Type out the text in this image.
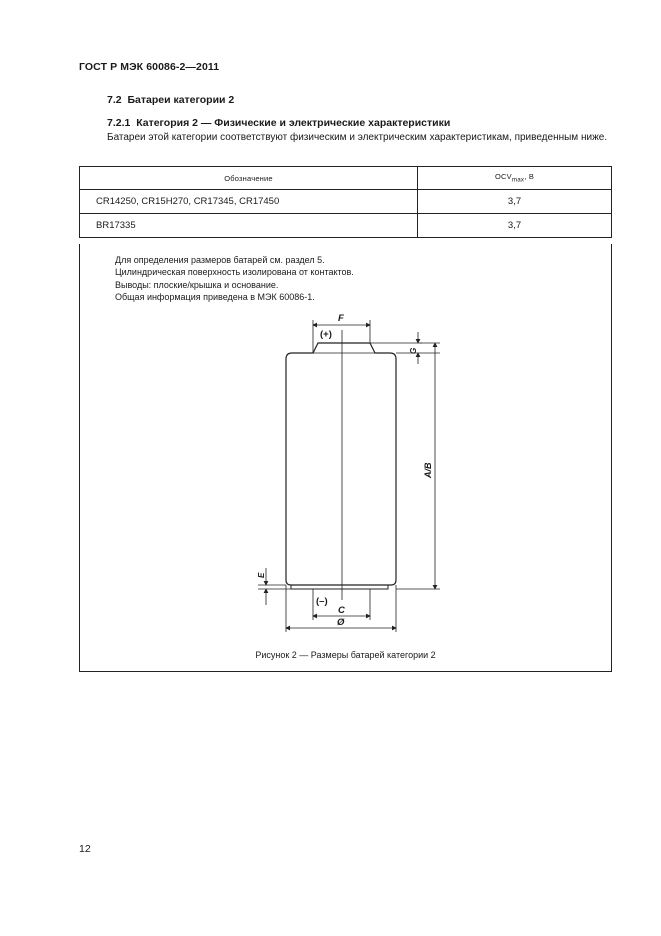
ГОСТ Р МЭК 60086-2—2011
7.2 Батареи категории 2
7.2.1 Категория 2 — Физические и электрические характеристики
Батареи этой категории соответствуют физическим и электрическим характеристикам, приведенным ниже.
Обозначение	$OCV_{max}$, В
CR14250, CR15H270, CR17345, CR17450	3,7
BR17335	3,7
Для определения размеров батарей см. раздел 5.
Цилиндрическая поверхность изолирована от контактов.
Выводы: плоские/крышка и основание.
Общая информация приведена в МЭК 60086-1.
F
(+)
G
A/B
E
(–)
C
Ø
Рисунок 2 — Размеры батарей категории 2
12
